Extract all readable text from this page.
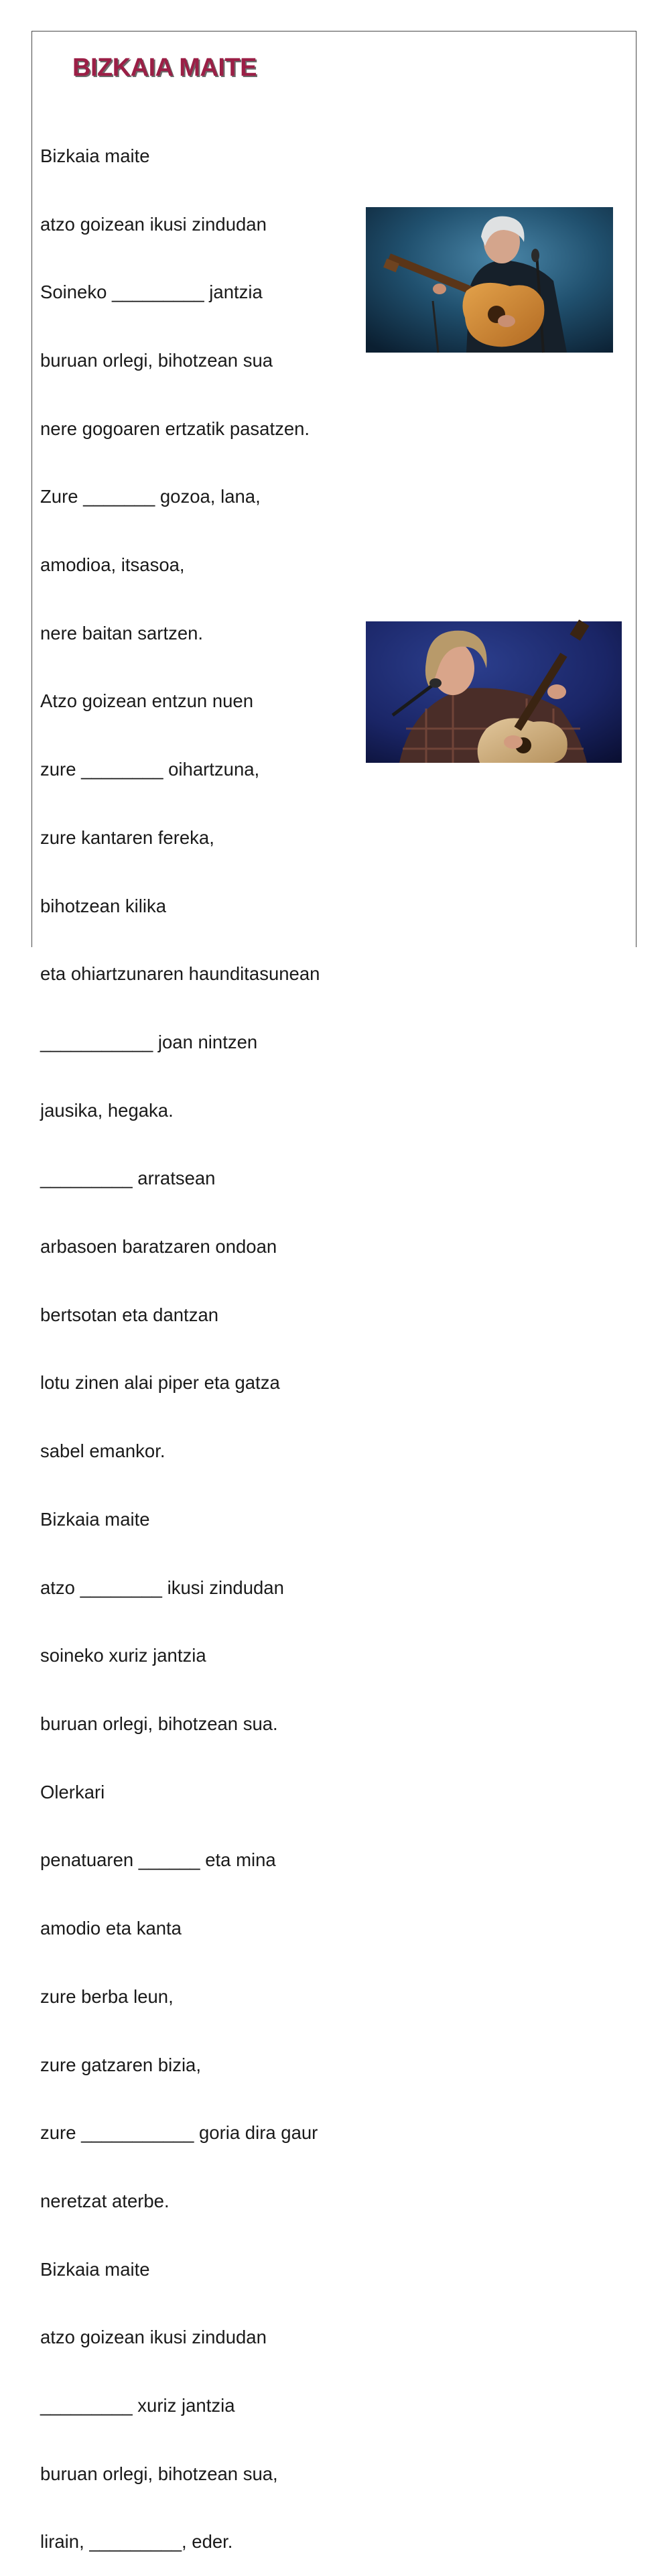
BIZKAIA MAITE

Bizkaia maite

atzo goizean ikusi zindudan

Soineko _________ jantzia

buruan orlegi, bihotzean sua

nere gogoaren ertzatik pasatzen.

Zure _______ gozoa, lana,

amodioa, itsasoa,

nere baitan sartzen.

Atzo goizean entzun nuen

zure ________ oihartzuna,

zure kantaren fereka,

bihotzean kilika

eta ohiartzunaren haunditasunean

___________ joan nintzen

jausika, hegaka.

_________ arratsean

arbasoen baratzaren ondoan

bertsotan eta dantzan

lotu zinen alai piper eta gatza

sabel emankor.

Bizkaia maite

atzo ________ ikusi zindudan

soineko xuriz jantzia

buruan orlegi, bihotzean sua.

Olerkari

penatuaren ______ eta mina

amodio eta kanta

zure berba leun,

zure gatzaren bizia,

zure ___________ goria dira gaur

neretzat aterbe.

Bizkaia maite

atzo goizean ikusi zindudan

_________ xuriz jantzia

buruan orlegi, bihotzean sua,

lirain, _________, eder.
